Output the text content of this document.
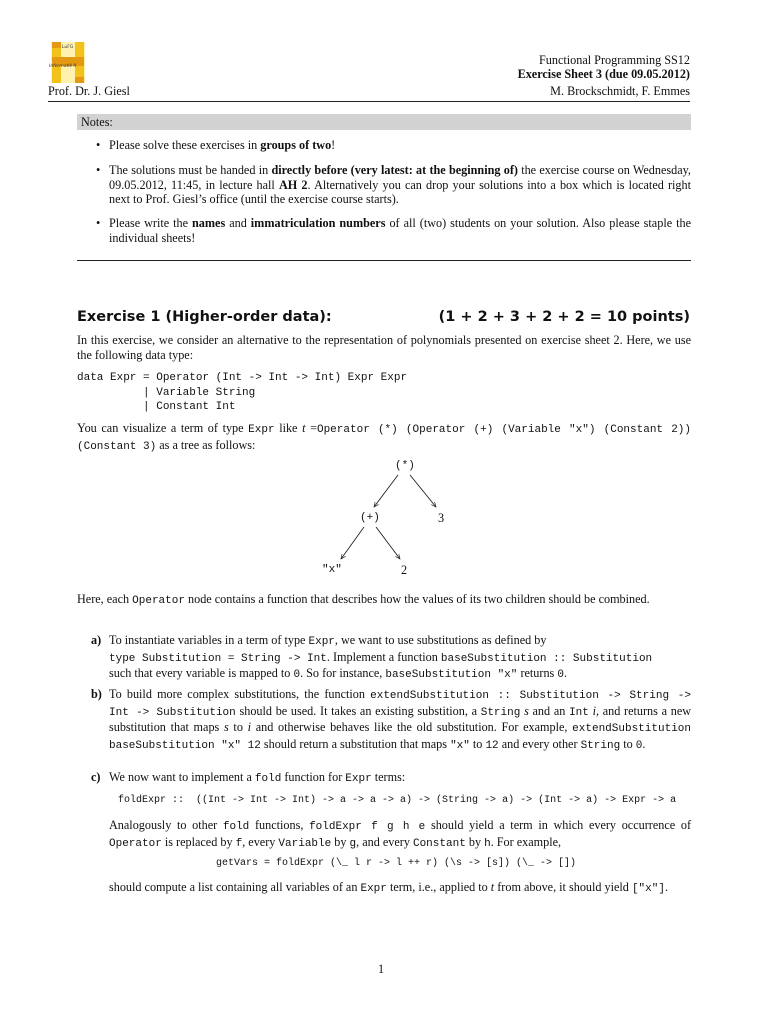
LuFG
Informatik II	Functional Programming SS12
Exercise Sheet 3 (due 09.05.2012)
Prof. Dr. J. Giesl	M. Brockschmidt, F. Emmes
Notes:
• Please solve these exercises in groups of two!
• The solutions must be handed in directly before (very latest: at the beginning of) the exercise course on Wednesday, 09.05.2012, 11:45, in lecture hall AH 2. Alternatively you can drop your solutions into a box which is located right next to Prof. Giesl’s office (until the exercise course starts).
• Please write the names and immatriculation numbers of all (two) students on your solution. Also please staple the individual sheets!
Exercise 1 (Higher-order data):	(1 + 2 + 3 + 2 + 2 = 10 points)
In this exercise, we consider an alternative to the representation of polynomials presented on exercise sheet 2. Here, we use the following data type:
data Expr = Operator (Int -> Int -> Int) Expr Expr
| Variable String
| Constant Int
You can visualize a term of type Expr like t =Operator (*) (Operator (+) (Variable "x") (Constant 2)) (Constant 3) as a tree as follows:
(*)
(+)	3
"x"	2
Here, each Operator node contains a function that describes how the values of its two children should be combined.
a) To instantiate variables in a term of type Expr, we want to use substitutions as defined by
type Substitution = String -> Int. Implement a function baseSubstitution :: Substitution
such that every variable is mapped to 0. So for instance, baseSubstitution "x" returns 0.
b) To build more complex substitutions, the function extendSubstitution :: Substitution -> String -> Int -> Substitution should be used. It takes an existing substition, a String s and an Int i, and returns a new substitution that maps s to i and otherwise behaves like the old substitution. For example, extendSubstitution baseSubstitution "x" 12 should return a substitution that maps "x" to 12 and every other String to 0.
c) We now want to implement a fold function for Expr terms:
foldExpr ::  ((Int -> Int -> Int) -> a -> a -> a) -> (String -> a) -> (Int -> a) -> Expr -> a
Analogously to other fold functions, foldExpr f g h e should yield a term in which every occurrence of Operator is replaced by f, every Variable by g, and every Constant by h. For example,
getVars = foldExpr (\_ l r -> l ++ r) (\s -> [s]) (\_ -> [])
should compute a list containing all variables of an Expr term, i.e., applied to t from above, it should yield ["x"].
1
